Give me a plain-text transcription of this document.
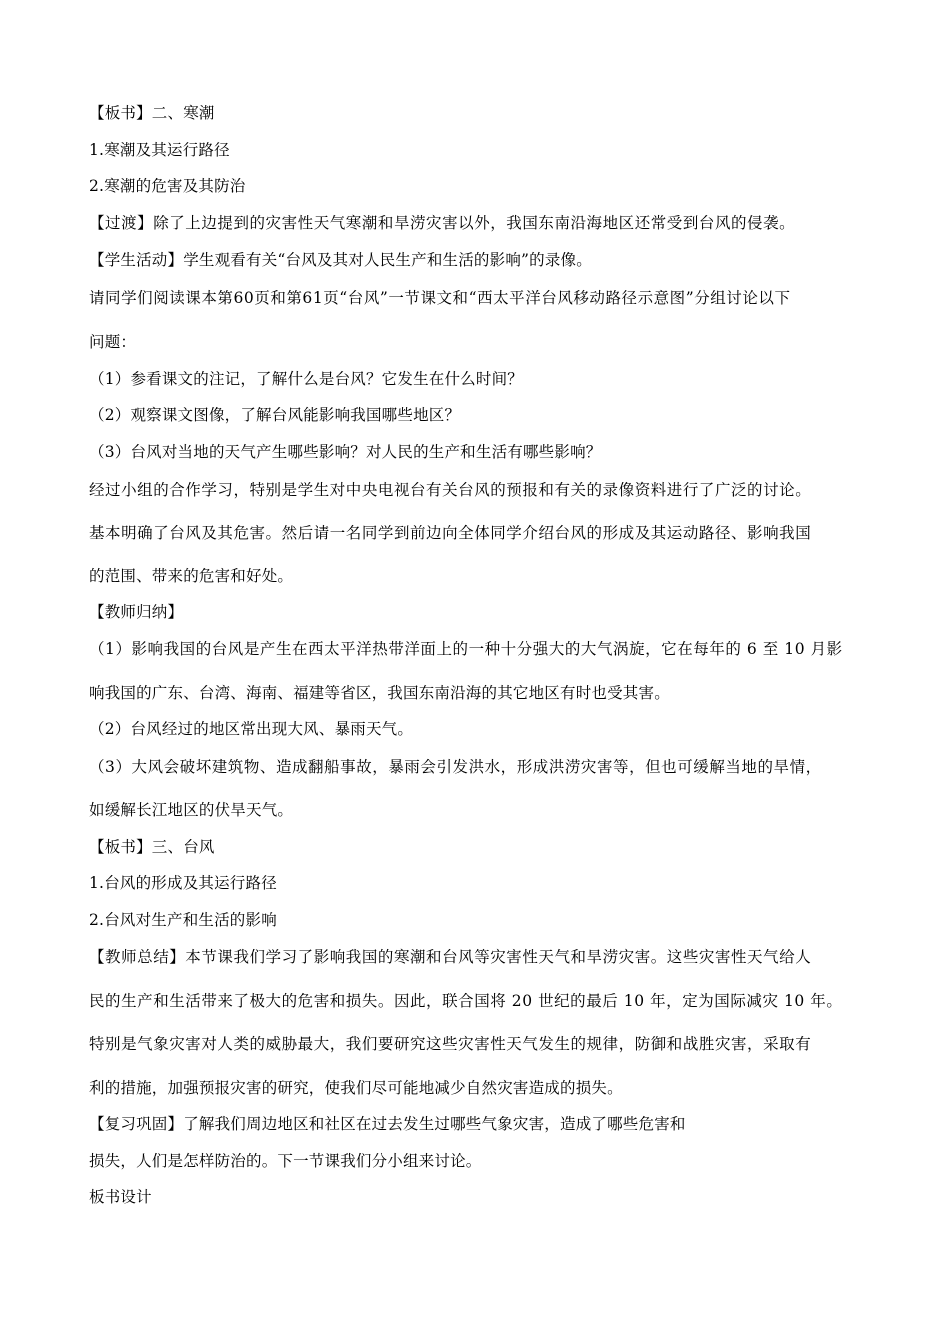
【板书】二、寒潮
1.寒潮及其运行路径
2.寒潮的危害及其防治
【过渡】除了上边提到的灾害性天气寒潮和旱涝灾害以外，我国东南沿海地区还常受到台风的侵袭。
【学生活动】学生观看有关“台风及其对人民生产和生活的影响”的录像。
请同学们阅读课本第60页和第61页“台风”一节课文和“西太平洋台风移动路径示意图”分组讨论以下
问题：
（1）参看课文的注记，了解什么是台风？它发生在什么时间？
（2）观察课文图像，了解台风能影响我国哪些地区？
（3）台风对当地的天气产生哪些影响？对人民的生产和生活有哪些影响？
经过小组的合作学习，特别是学生对中央电视台有关台风的预报和有关的录像资料进行了广泛的讨论。
基本明确了台风及其危害。然后请一名同学到前边向全体同学介绍台风的形成及其运动路径、影响我国
的范围、带来的危害和好处。
【教师归纳】
（1）影响我国的台风是产生在西太平洋热带洋面上的一种十分强大的大气涡旋，它在每年的 6 至 10 月影
响我国的广东、台湾、海南、福建等省区，我国东南沿海的其它地区有时也受其害。
（2）台风经过的地区常出现大风、暴雨天气。
（3）大风会破坏建筑物、造成翻船事故，暴雨会引发洪水，形成洪涝灾害等，但也可缓解当地的旱情，
如缓解长江地区的伏旱天气。
【板书】三、台风
1.台风的形成及其运行路径
2.台风对生产和生活的影响
【教师总结】本节课我们学习了影响我国的寒潮和台风等灾害性天气和旱涝灾害。这些灾害性天气给人
民的生产和生活带来了极大的危害和损失。因此，联合国将 20 世纪的最后 10 年，定为国际减灾 10 年。
特别是气象灾害对人类的威胁最大，我们要研究这些灾害性天气发生的规律，防御和战胜灾害，采取有
利的措施，加强预报灾害的研究，使我们尽可能地减少自然灾害造成的损失。
【复习巩固】了解我们周边地区和社区在过去发生过哪些气象灾害，造成了哪些危害和
损失，人们是怎样防治的。下一节课我们分小组来讨论。
板书设计
